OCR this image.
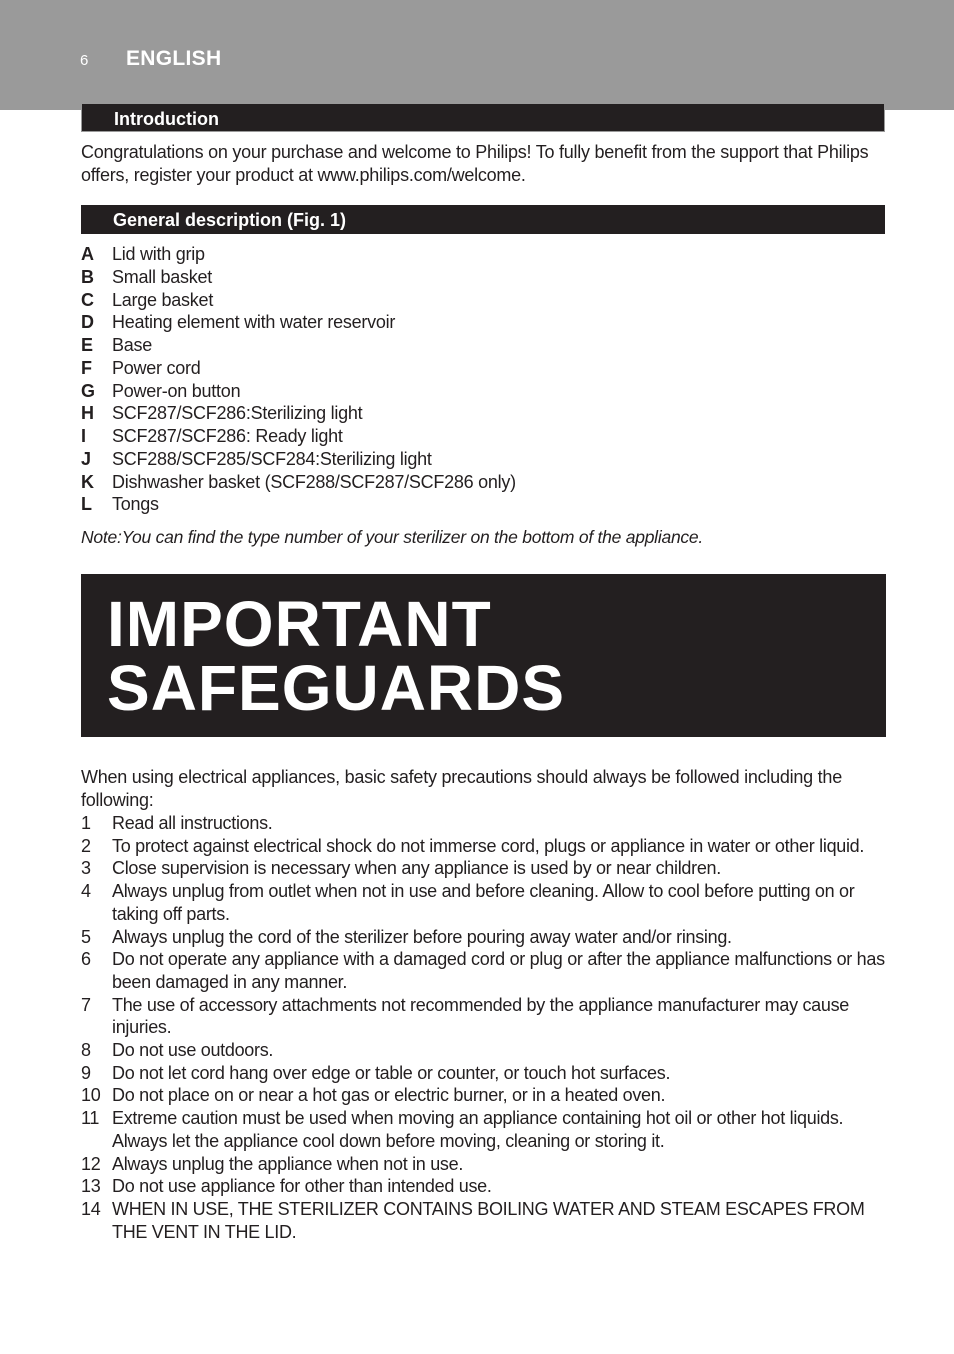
6 ENGLISH
Introduction
Congratulations on your purchase and welcome to Philips! To fully benefit from the support that Philips offers, register your product at www.philips.com/welcome.
General description (Fig. 1)
A Lid with grip
B Small basket
C Large basket
D Heating element with water reservoir
E Base
F Power cord
G Power-on button
H SCF287/SCF286:Sterilizing light
I SCF287/SCF286: Ready light
J SCF288/SCF285/SCF284:Sterilizing light
K Dishwasher basket (SCF288/SCF287/SCF286 only)
L Tongs
Note:You can find the type number of your sterilizer on the bottom of the appliance.
IMPORTANT
SAFEGUARDS
When using electrical appliances, basic safety precautions should always be followed including the following:
1 Read all instructions.
2 To protect against electrical shock do not immerse cord, plugs or appliance in water or other liquid.
3 Close supervision is necessary when any appliance is used by or near children.
4 Always unplug from outlet when not in use and before cleaning. Allow to cool before putting on or taking off parts.
5 Always unplug the cord of the sterilizer before pouring away water and/or rinsing.
6 Do not operate any appliance with a damaged cord or plug or after the appliance malfunctions or has been damaged in any manner.
7 The use of accessory attachments not recommended by the appliance manufacturer may cause injuries.
8 Do not use outdoors.
9 Do not let cord hang over edge or table or counter, or touch hot surfaces.
10 Do not place on or near a hot gas or electric burner, or in a heated oven.
11 Extreme caution must be used when moving an appliance containing hot oil or other hot liquids. Always let the appliance cool down before moving, cleaning or storing it.
12 Always unplug the appliance when not in use.
13 Do not use appliance for other than intended use.
14 WHEN IN USE, THE STERILIZER CONTAINS BOILING WATER AND STEAM ESCAPES FROM THE VENT IN THE LID.
